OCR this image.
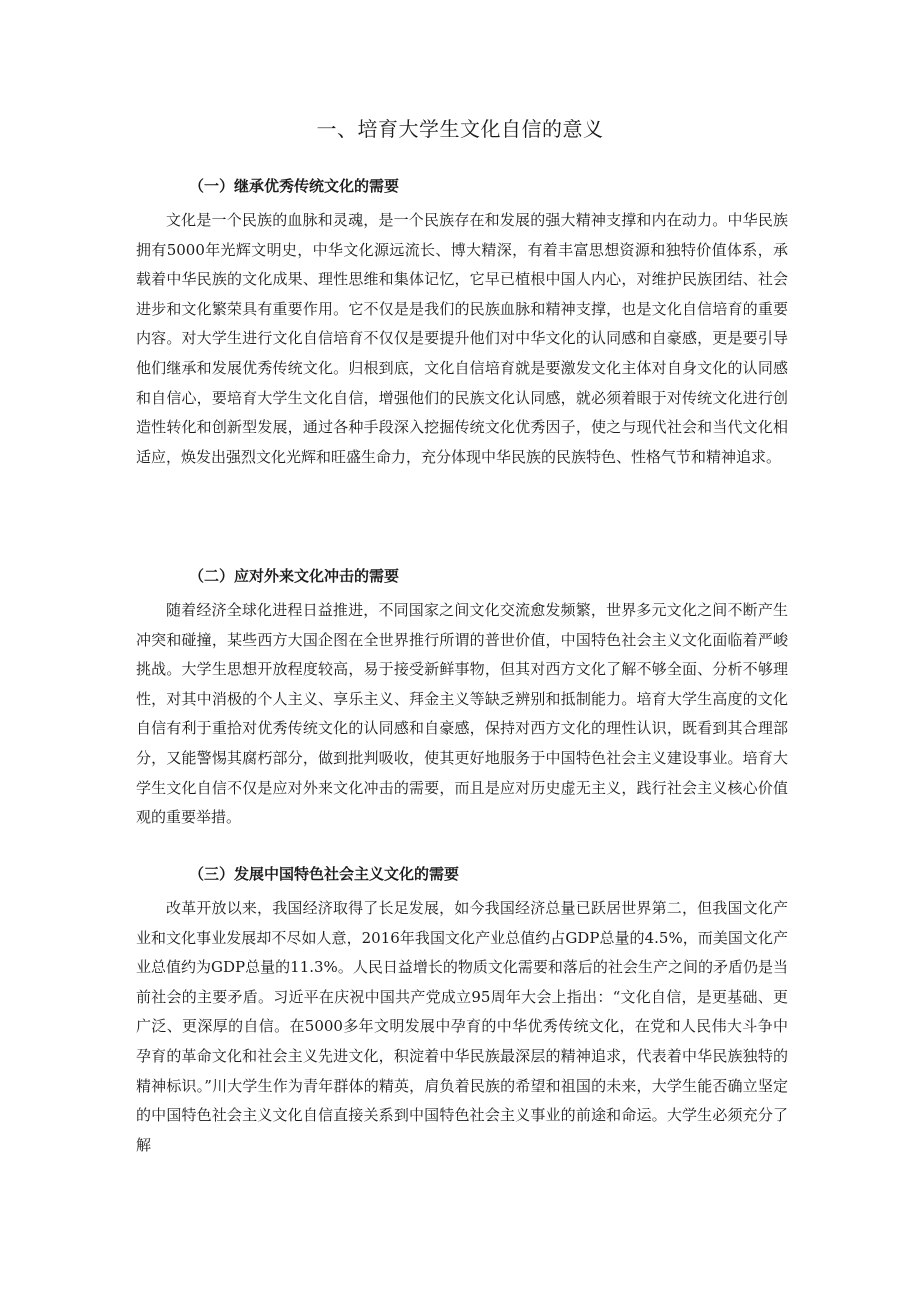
一、培育大学生文化自信的意义
（一）继承优秀传统文化的需要

文化是一个民族的血脉和灵魂，是一个民族存在和发展的强大精神支撑和内在动力。中华民族拥有5000年光辉文明史，中华文化源远流长、博大精深，有着丰富思想资源和独特价值体系，承载着中华民族的文化成果、理性思维和集体记忆，它早已植根中国人内心，对维护民族团结、社会进步和文化繁荣具有重要作用。它不仅是是我们的民族血脉和精神支撑，也是文化自信培育的重要内容。对大学生进行文化自信培育不仅仅是要提升他们对中华文化的认同感和自豪感，更是要引导他们继承和发展优秀传统文化。归根到底，文化自信培育就是要激发文化主体对自身文化的认同感和自信心，要培育大学生文化自信，增强他们的民族文化认同感，就必须着眼于对传统文化进行创造性转化和创新型发展，通过各种手段深入挖掘传统文化优秀因子，使之与现代社会和当代文化相适应，焕发出强烈文化光辉和旺盛生命力，充分体现中华民族的民族特色、性格气节和精神追求。

（二）应对外来文化冲击的需要

随着经济全球化进程日益推进，不同国家之间文化交流愈发频繁，世界多元文化之间不断产生冲突和碰撞，某些西方大国企图在全世界推行所谓的普世价值，中国特色社会主义文化面临着严峻挑战。大学生思想开放程度较高，易于接受新鲜事物，但其对西方文化了解不够全面、分析不够理性，对其中消极的个人主义、享乐主义、拜金主义等缺乏辨别和抵制能力。培育大学生高度的文化自信有利于重拾对优秀传统文化的认同感和自豪感，保持对西方文化的理性认识，既看到其合理部分，又能警惕其腐朽部分，做到批判吸收，使其更好地服务于中国特色社会主义建设事业。培育大学生文化自信不仅是应对外来文化冲击的需要，而且是应对历史虚无主义，践行社会主义核心价值观的重要举措。

（三）发展中国特色社会主义文化的需要

改革开放以来，我国经济取得了长足发展，如今我国经济总量已跃居世界第二，但我国文化产业和文化事业发展却不尽如人意，2016年我国文化产业总值约占GDP总量的4.5%，而美国文化产业总值约为GDP总量的11.3%。人民日益增长的物质文化需要和落后的社会生产之间的矛盾仍是当前社会的主要矛盾。习近平在庆祝中国共产党成立95周年大会上指出：“文化自信，是更基础、更广泛、更深厚的自信。在5000多年文明发展中孕育的中华优秀传统文化，在党和人民伟大斗争中孕育的革命文化和社会主义先进文化，积淀着中华民族最深层的精神追求，代表着中华民族独特的精神标识。”川大学生作为青年群体的精英，肩负着民族的希望和祖国的未来，大学生能否确立坚定的中国特色社会主义文化自信直接关系到中国特色社会主义事业的前途和命运。大学生必须充分了解
